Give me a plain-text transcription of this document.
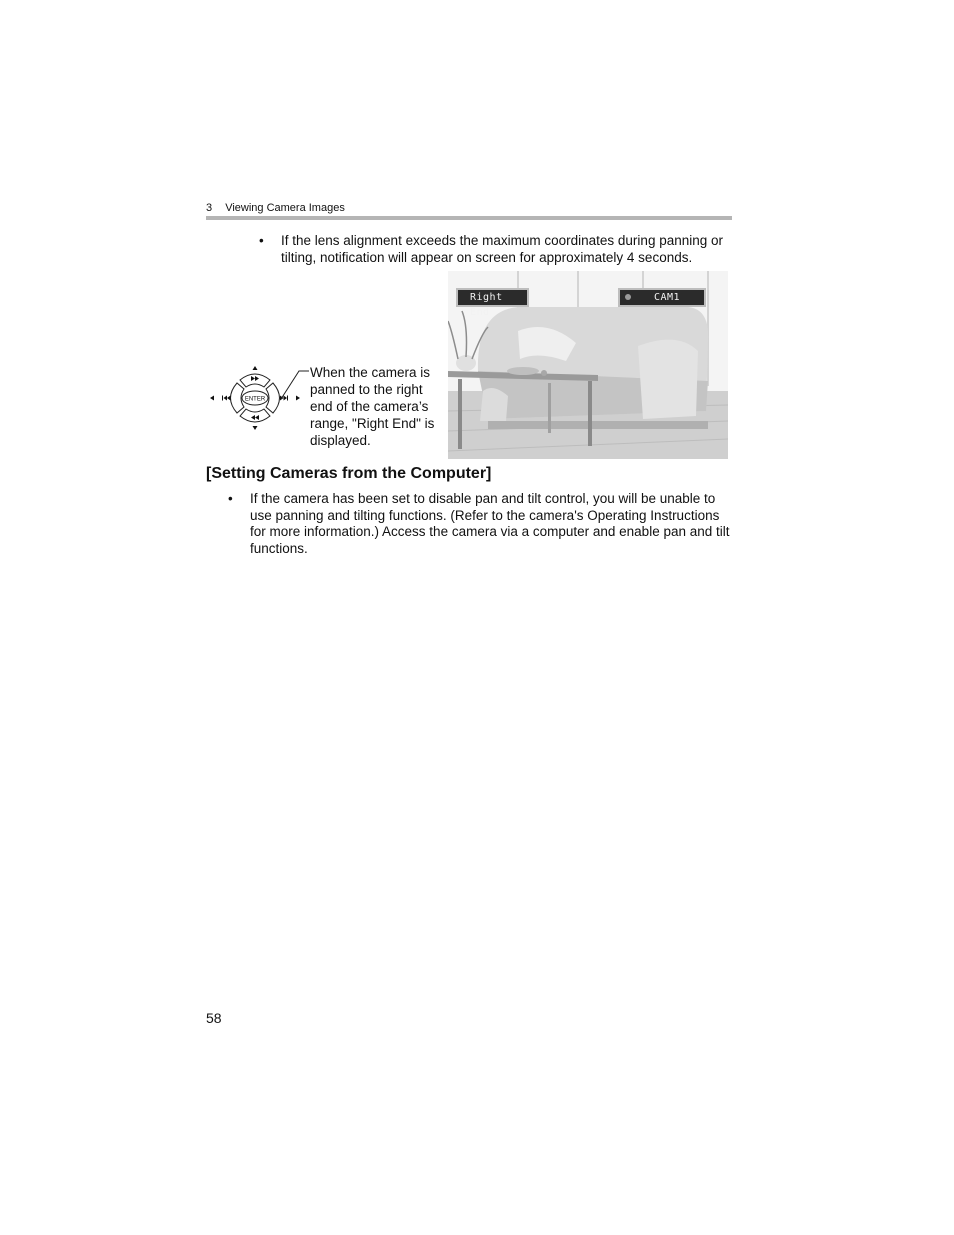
3 Viewing Camera Images
• If the lens alignment exceeds the maximum coordinates during panning or tilting, notification will appear on screen for approximately 4 seconds.
ENTER
When the camera is panned to the right end of the camera’s range, "Right End" is displayed.
Right End
CAM1
[Setting Cameras from the Computer]
• If the camera has been set to disable pan and tilt control, you will be unable to use panning and tilting functions. (Refer to the camera's Operating Instructions for more information.) Access the camera via a computer and enable pan and tilt functions.
58
